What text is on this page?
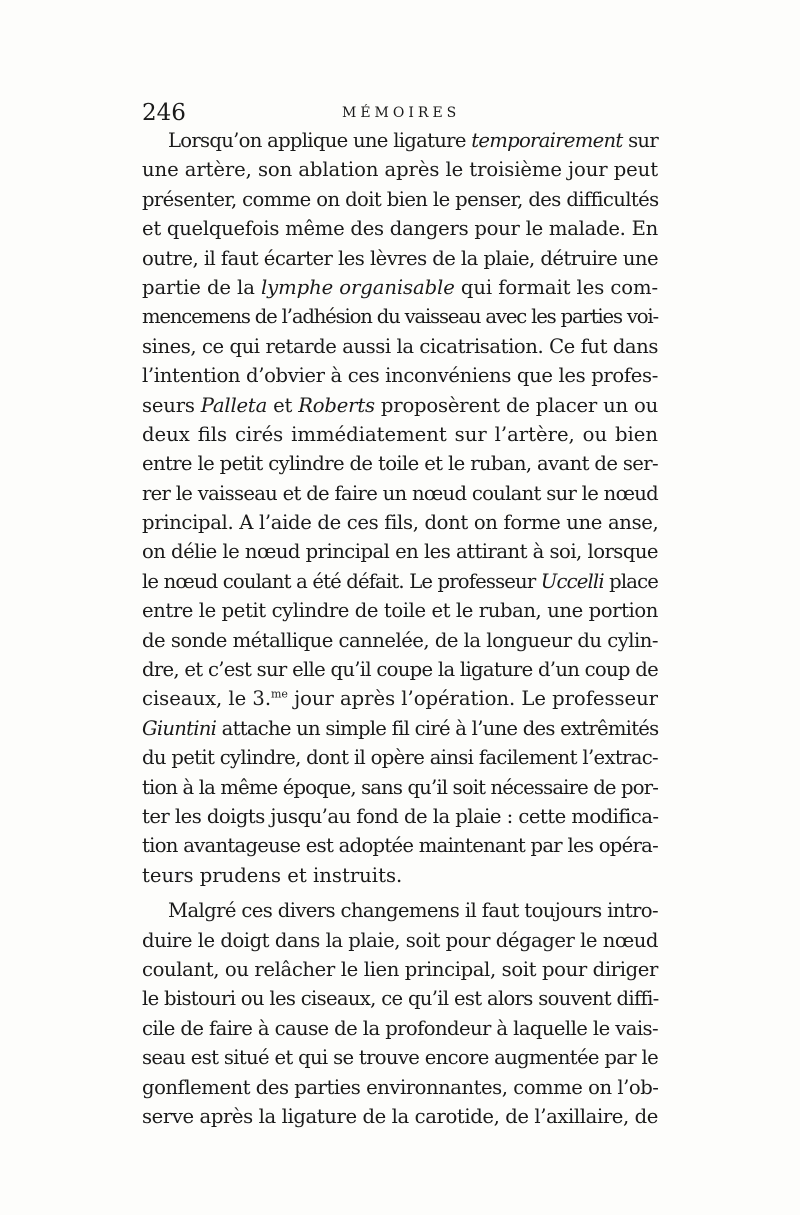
246	MÉMOIRES
Lorsqu’on applique une ligature temporairement sur
une artère, son ablation après le troisième jour peut
présenter, comme on doit bien le penser, des difficultés
et quelquefois même des dangers pour le malade. En
outre, il faut écarter les lèvres de la plaie, détruire une
partie de la lymphe organisable qui formait les com-
mencemens de l’adhésion du vaisseau avec les parties voi-
sines, ce qui retarde aussi la cicatrisation. Ce fut dans
l’intention d’obvier à ces inconvéniens que les profes-
seurs Palleta et Roberts proposèrent de placer un ou
deux fils cirés immédiatement sur l’artère, ou bien
entre le petit cylindre de toile et le ruban, avant de ser-
rer le vaisseau et de faire un nœud coulant sur le nœud
principal. A l’aide de ces fils, dont on forme une anse,
on délie le nœud principal en les attirant à soi, lorsque
le nœud coulant a été défait. Le professeur Uccelli place
entre le petit cylindre de toile et le ruban, une portion
de sonde métallique cannelée, de la longueur du cylin-
dre, et c’est sur elle qu’il coupe la ligature d’un coup de
ciseaux, le 3.$^{me}$ jour après l’opération. Le professeur
Giuntini attache un simple fil ciré à l’une des extrêmités
du petit cylindre, dont il opère ainsi facilement l’extrac-
tion à la même époque, sans qu’il soit nécessaire de por-
ter les doigts jusqu’au fond de la plaie : cette modifica-
tion avantageuse est adoptée maintenant par les opéra-
teurs prudens et instruits.
Malgré ces divers changemens il faut toujours intro-
duire le doigt dans la plaie, soit pour dégager le nœud
coulant, ou relâcher le lien principal, soit pour diriger
le bistouri ou les ciseaux, ce qu’il est alors souvent diffi-
cile de faire à cause de la profondeur à laquelle le vais-
seau est situé et qui se trouve encore augmentée par le
gonflement des parties environnantes, comme on l’ob-
serve après la ligature de la carotide, de l’axillaire, de
